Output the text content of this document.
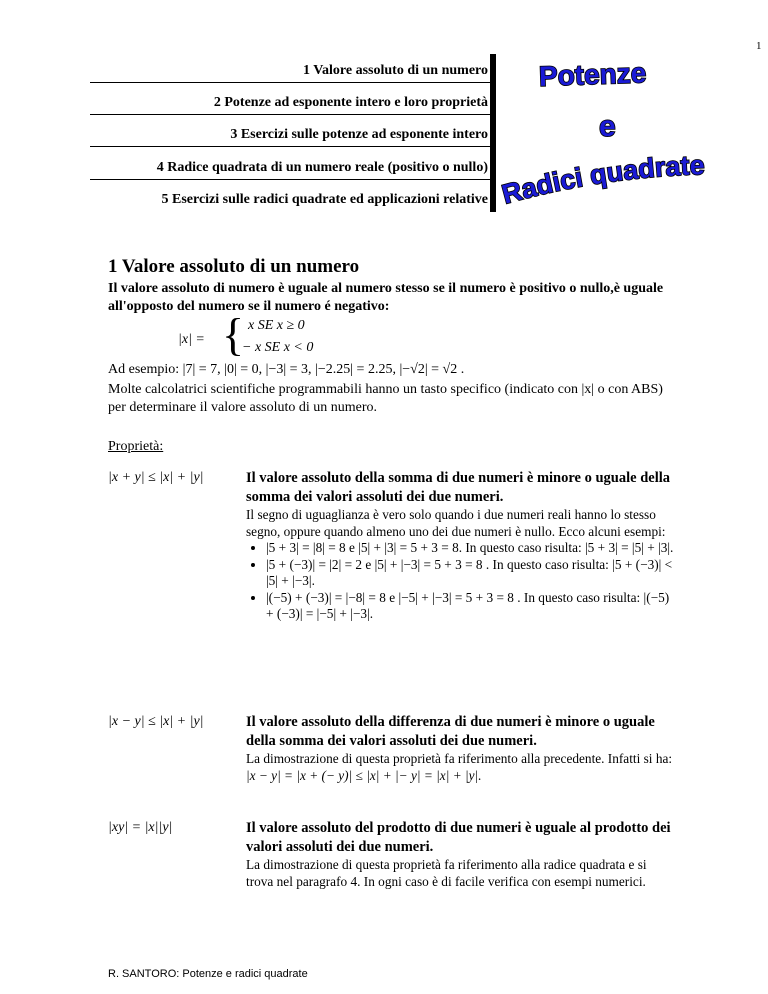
1
1 Valore assoluto di un numero
2 Potenze ad esponente intero e loro proprietà
3 Esercizi sulle potenze ad esponente intero
4 Radice quadrata di un numero reale (positivo o nullo)
5 Esercizi sulle radici quadrate ed applicazioni relative
Potenze
e
Radici quadrate
1 Valore assoluto di un numero
Il valore assoluto di numero è uguale al numero stesso se il numero è positivo o nullo,è uguale all'opposto del numero se il numero é negativo:
|x| = { x SE x ≥ 0
− x SE x < 0
Ad esempio: |7| = 7, |0| = 0, |−3| = 3, |−2.25| = 2.25, |−√2| = √2 .
Molte calcolatrici scientifiche programmabili hanno un tasto specifico (indicato con |x| o con ABS) per determinare il valore assoluto di un numero.
Proprietà:
|x + y| ≤ |x| + |y|	Il valore assoluto della somma di due numeri è minore o uguale della somma dei valori assoluti dei due numeri.
Il segno di uguaglianza è vero solo quando i due numeri reali hanno lo stesso segno, oppure quando almeno uno dei due numeri è nullo. Ecco alcuni esempi:
• |5 + 3| = |8| = 8 e |5| + |3| = 5 + 3 = 8. In questo caso risulta: |5 + 3| = |5| + |3|.
• |5 + (−3)| = |2| = 2 e |5| + |−3| = 5 + 3 = 8 . In questo caso risulta: |5 + (−3)| < |5| + |−3|.
• |(−5) + (−3)| = |−8| = 8 e |−5| + |−3| = 5 + 3 = 8 . In questo caso risulta: |(−5) + (−3)| = |−5| + |−3|.
|x − y| ≤ |x| + |y|	Il valore assoluto della differenza di due numeri è minore o uguale della somma dei valori assoluti dei due numeri.
La dimostrazione di questa proprietà fa riferimento alla precedente. Infatti si ha:
|x − y| = |x + (− y)| ≤ |x| + |− y| = |x| + |y|.
|xy| = |x||y|	Il valore assoluto del prodotto di due numeri è uguale al prodotto dei valori assoluti dei due numeri.
La dimostrazione di questa proprietà fa riferimento alla radice quadrata e si trova nel paragrafo 4. In ogni caso è di facile verifica con esempi numerici.
R. SANTORO: Potenze e radici quadrate
